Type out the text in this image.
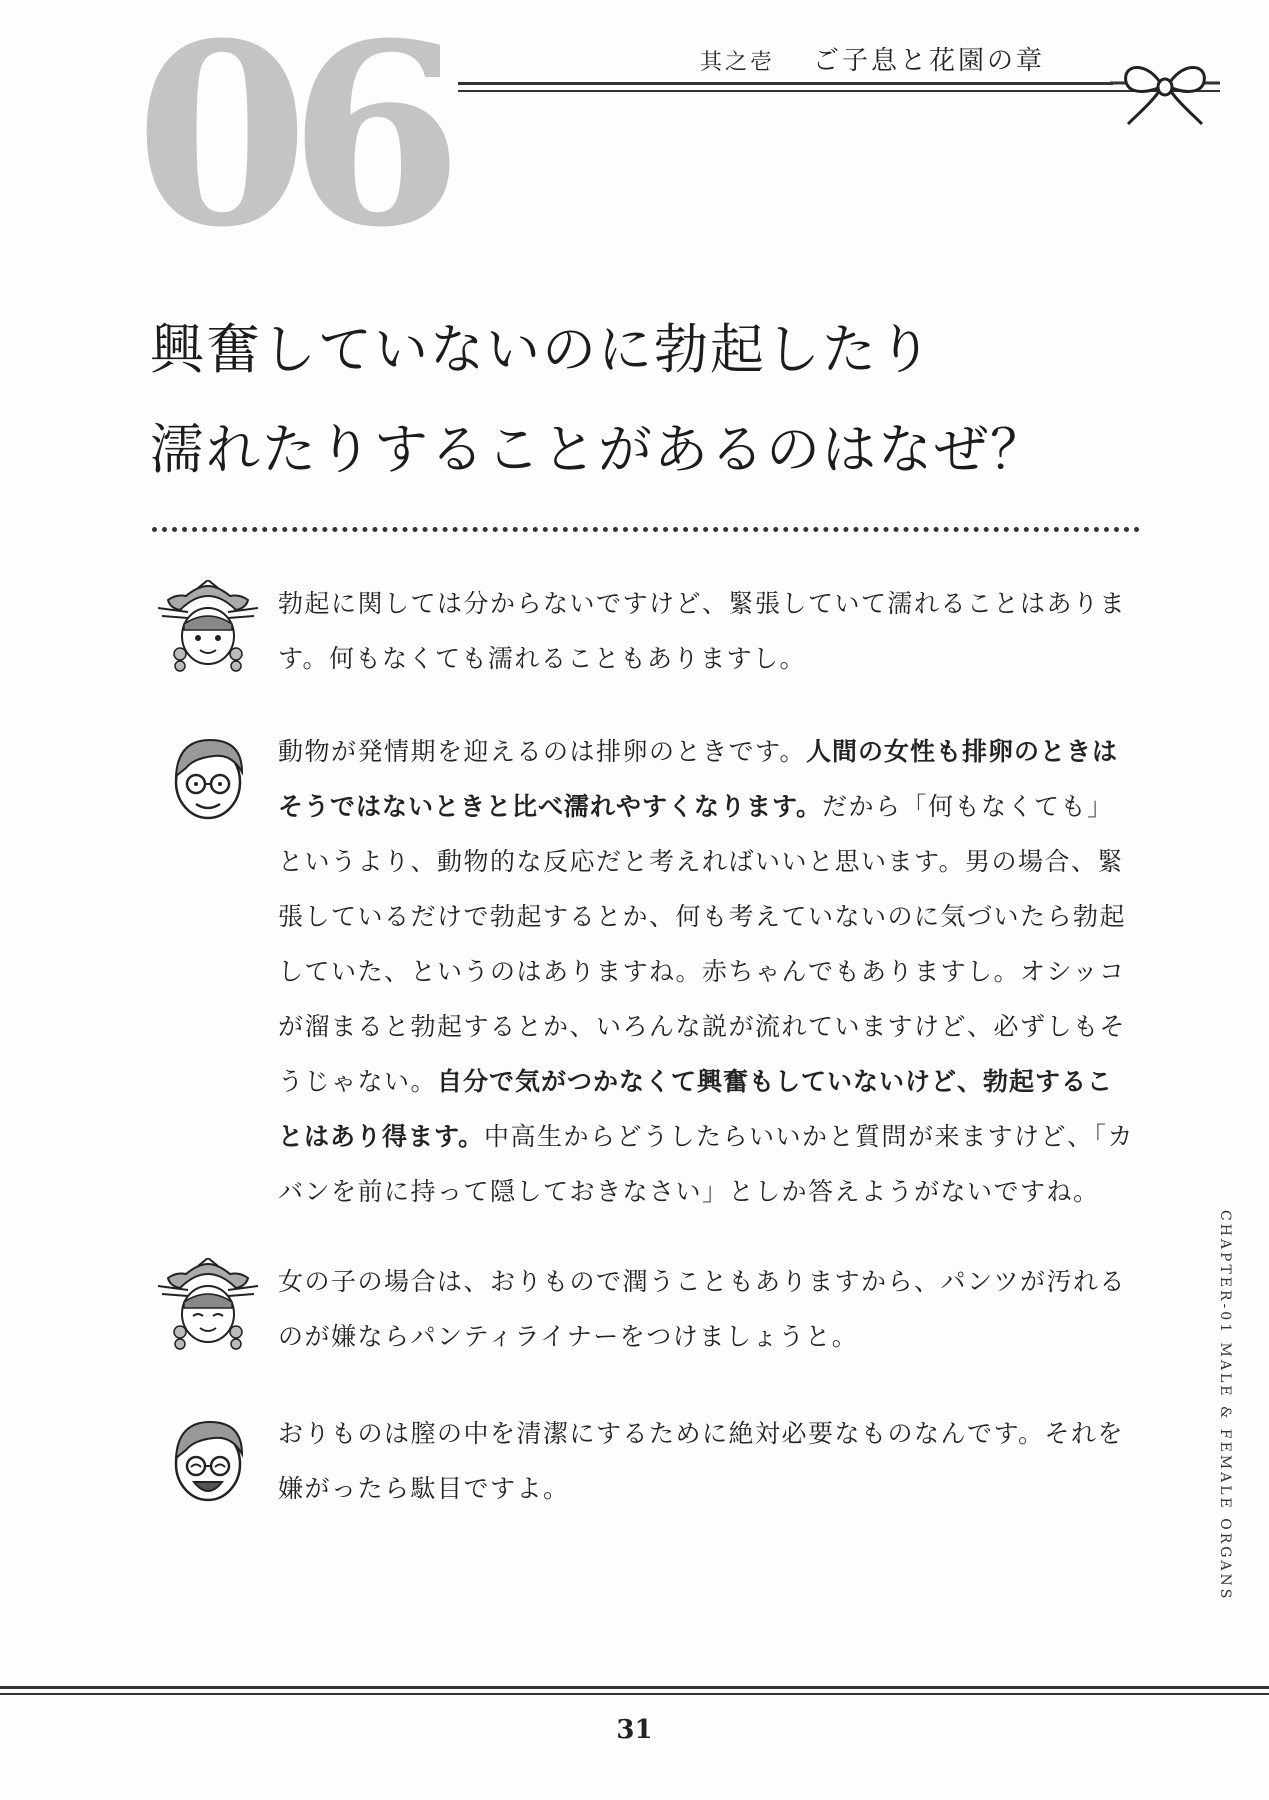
06	其之壱 ご子息と花園の章
興奮していないのに勃起したり
濡れたりすることがあるのはなぜ？
勃起に関しては分からないですけど、緊張していて濡れることはあります。何もなくても濡れることもありますし。
動物が発情期を迎えるのは排卵のときです。人間の女性も排卵のときはそうではないときと比べ濡れやすくなります。だから「何もなくても」というより、動物的な反応だと考えればいいと思います。男の場合、緊張しているだけで勃起するとか、何も考えていないのに気づいたら勃起していた、というのはありますね。赤ちゃんでもありますし。オシッコが溜まると勃起するとか、いろんな説が流れていますけど、必ずしもそうじゃない。自分で気がつかなくて興奮もしていないけど、勃起することはあり得ます。中高生からどうしたらいいかと質問が来ますけど、「カバンを前に持って隠しておきなさい」としか答えようがないですね。
女の子の場合は、おりもので潤うこともありますから、パンツが汚れるのが嫌ならパンティライナーをつけましょうと。
おりものは膣の中を清潔にするために絶対必要なものなんです。それを嫌がったら駄目ですよ。	CHAPTER-01 MALE & FEMALE ORGANS
31
